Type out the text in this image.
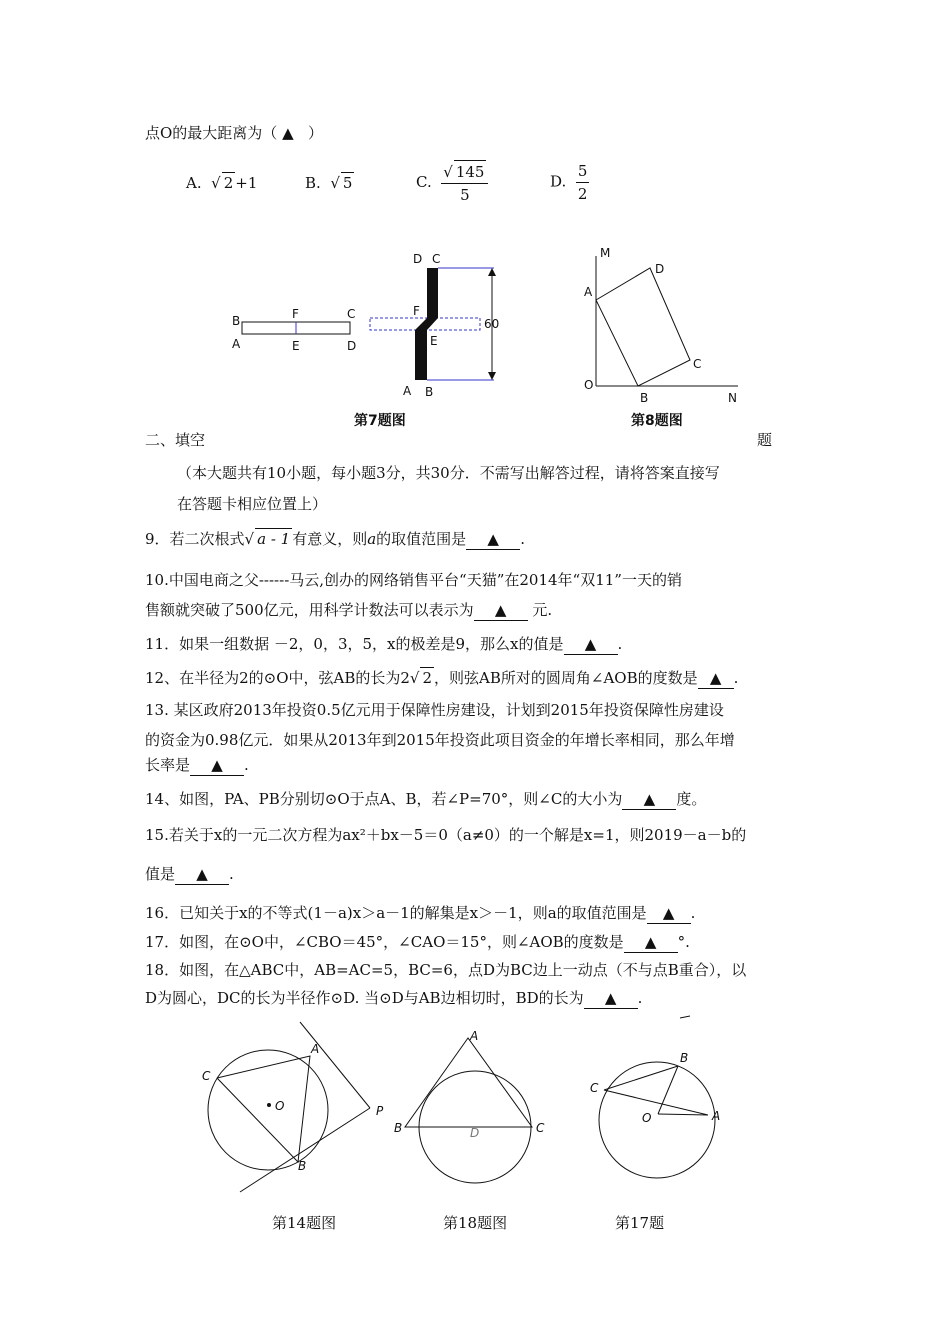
点O的最大距离为（ ▲ ）
A. √ 2 +1	B. √ 5	C. $\frac{√ 145}{5}$	D. $\frac{5}{2}$
B	F	C
A	E	D
60
D C
F
E
A B
M
D
A
C
O
B	N
第7题图	第8题图
二、填空	题
（本大题共有10小题，每小题3分，共30分．不需写出解答过程，请将答案直接写
在答题卡相应位置上）
9．若二次根式√ a - 1 有意义，则a的取值范围是 ▲ .
10.中国电商之父------马云,创办的网络销售平台“天猫”在2014年“双11”一天的销
售额就突破了500亿元，用科学计数法可以表示为 ▲ 元.
11．如果一组数据 －2，0，3，5，x的极差是9，那么x的值是 ▲ .
12、在半径为2的⊙O中，弦AB的长为2√ 2 ，则弦AB所对的圆周角∠AOB的度数是 ▲ .
13. 某区政府2013年投资0.5亿元用于保障性房建设，计划到2015年投资保障性房建设
的资金为0.98亿元．如果从2013年到2015年投资此项目资金的年增长率相同，那么年增
长率是 ▲ .
14、如图，PA、PB分别切⊙O于点A、B，若∠P=70°，则∠C的大小为 ▲ 度。
15.若关于x的一元二次方程为ax²＋bx－5＝0（a≠0）的一个解是x=1，则2019－a－b的
值是 ▲ .
16．已知关于x的不等式(1－a)x＞a－1的解集是x＞－1，则a的取值范围是 ▲ .
17．如图，在⊙O中，∠CBO＝45°，∠CAO＝15°，则∠AOB的度数是 ▲ °.
18．如图，在△ABC中，AB=AC=5，BC=6，点D为BC边上一动点（不与点B重合），以
D为圆心，DC的长为半径作⊙D. 当⊙D与AB边相切时，BD的长为 ▲ .
C
A
O	P
B
A
B	D	C
B
C
O	A
第14题图	第18题图	第17题
